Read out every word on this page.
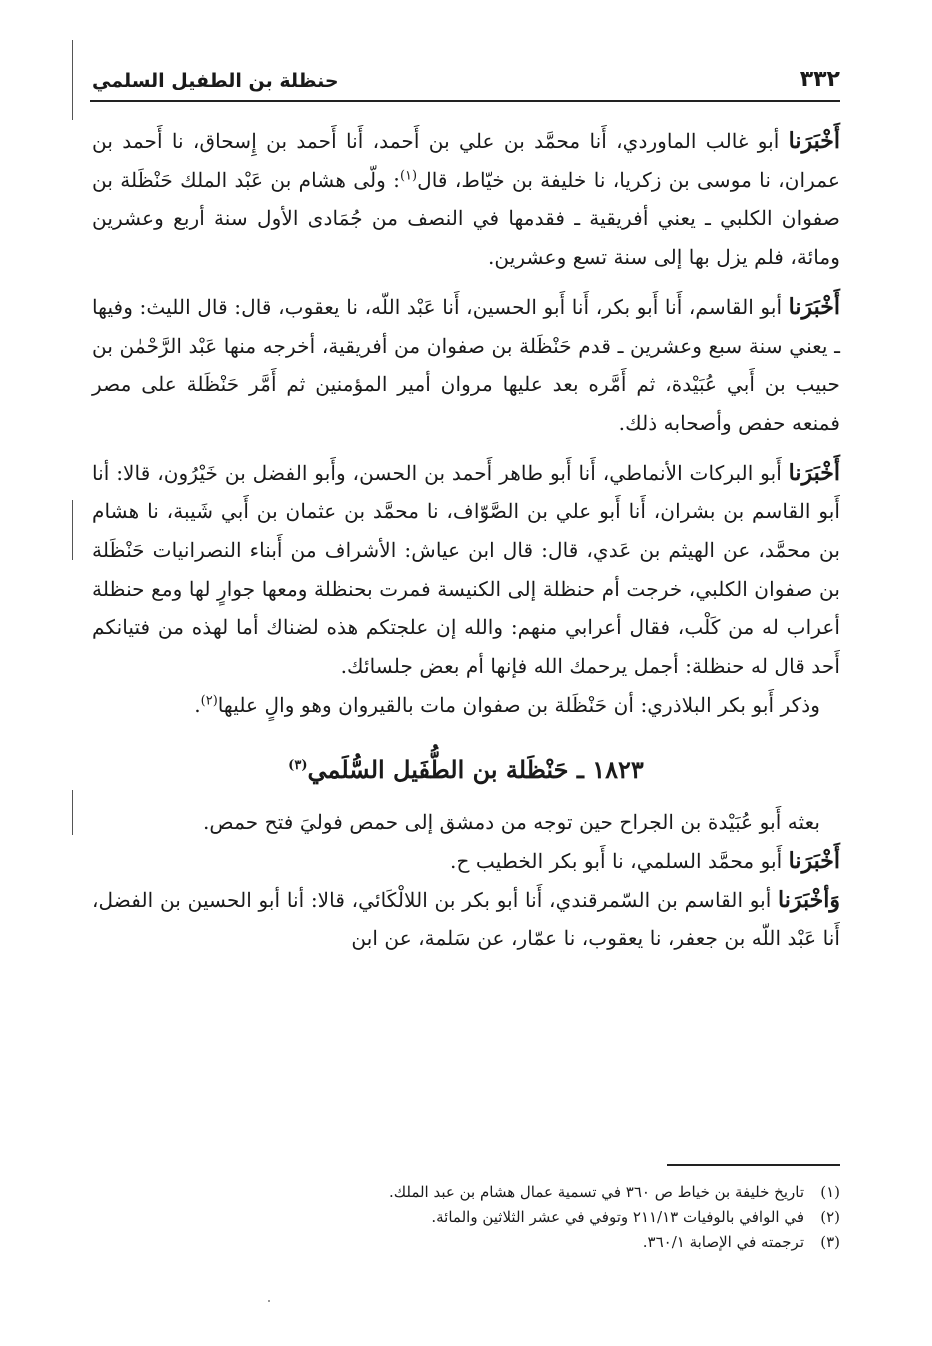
٣٣٢
حنظلة بن الطفيل السلمي

أَخْبَرَنا أبو غالب الماوردي، أَنا محمَّد بن علي بن أَحمد، أَنا أَحمد بن إِسحاق، نا أَحمد بن عمران، نا موسى بن زكريا، نا خليفة بن خيّاط، قال$^{(١)}$: ولّى هشام بن عَبْد الملك حَنْظَلة بن صفوان الكلبي ـ يعني أفريقية ـ فقدمها في النصف من جُمَادى الأول سنة أربع وعشرين ومائة، فلم يزل بها إلى سنة تسع وعشرين.

أَخْبَرَنا أبو القاسم، أَنا أَبو بكر، أَنا أَبو الحسين، أَنا عَبْد اللّه، نا يعقوب، قال: قال الليث: وفيها ـ يعني سنة سبع وعشرين ـ قدم حَنْظَلة بن صفوان من أفريقية، أخرجه منها عَبْد الرَّحْمٰن بن حبيب بن أَبي عُبَيْدة، ثم أَمَّره بعد عليها مروان أمير المؤمنين ثم أَمَّر حَنْظَلة على مصر فمنعه حفص وأصحابه ذلك.

أَخْبَرَنا أَبو البركات الأنماطي، أَنا أَبو طاهر أَحمد بن الحسن، وأَبو الفضل بن خَيْرُون، قالا: أنا أَبو القاسم بن بشران، أَنا أَبو علي بن الصَّوّاف، نا محمَّد بن عثمان بن أَبي شَيبة، نا هشام بن محمَّد، عن الهيثم بن عَدي، قال: قال ابن عياش: الأشراف من أَبناء النصرانيات حَنْظَلة بن صفوان الكلبي، خرجت أم حنظلة إلى الكنيسة فمرت بحنظلة ومعها جوارٍ لها ومع حنظلة أعراب له من كَلْب، فقال أعرابي منهم: والله إن علجتكم هذه لضناك أما لهذه من فتيانكم أَحد قال له حنظلة: أجمل يرحمك الله فإنها أم بعض جلسائك.

وذكر أَبو بكر البلاذري: أن حَنْظَلة بن صفوان مات بالقيروان وهو والٍ عليها$^{(٢)}$.

١٨٢٣ ـ حَنْظَلة بن الطُّفَيل السُّلَمي$^{(٣)}$

بعثه أَبو عُبَيْدة بن الجراح حين توجه من دمشق إلى حمص فوليَ فتح حمص.

أَخْبَرَنا أَبو محمَّد السلمي، نا أَبو بكر الخطيب ح.

وَأخْبَرَنا أبو القاسم بن السّمرقندي، أَنا أبو بكر بن اللالْكَائي، قالا: أنا أبو الحسين بن الفضل، أَنا عَبْد اللّه بن جعفر، نا يعقوب، نا عمّار، عن سَلمة، عن ابن

(١)
تاريخ خليفة بن خياط ص ٣٦٠ في تسمية عمال هشام بن عبد الملك.
(٢)
في الوافي بالوفيات ٢١١/١٣ وتوفي في عشر الثلاثين والمائة.
(٣)
ترجمته في الإصابة ٣٦٠/١.
